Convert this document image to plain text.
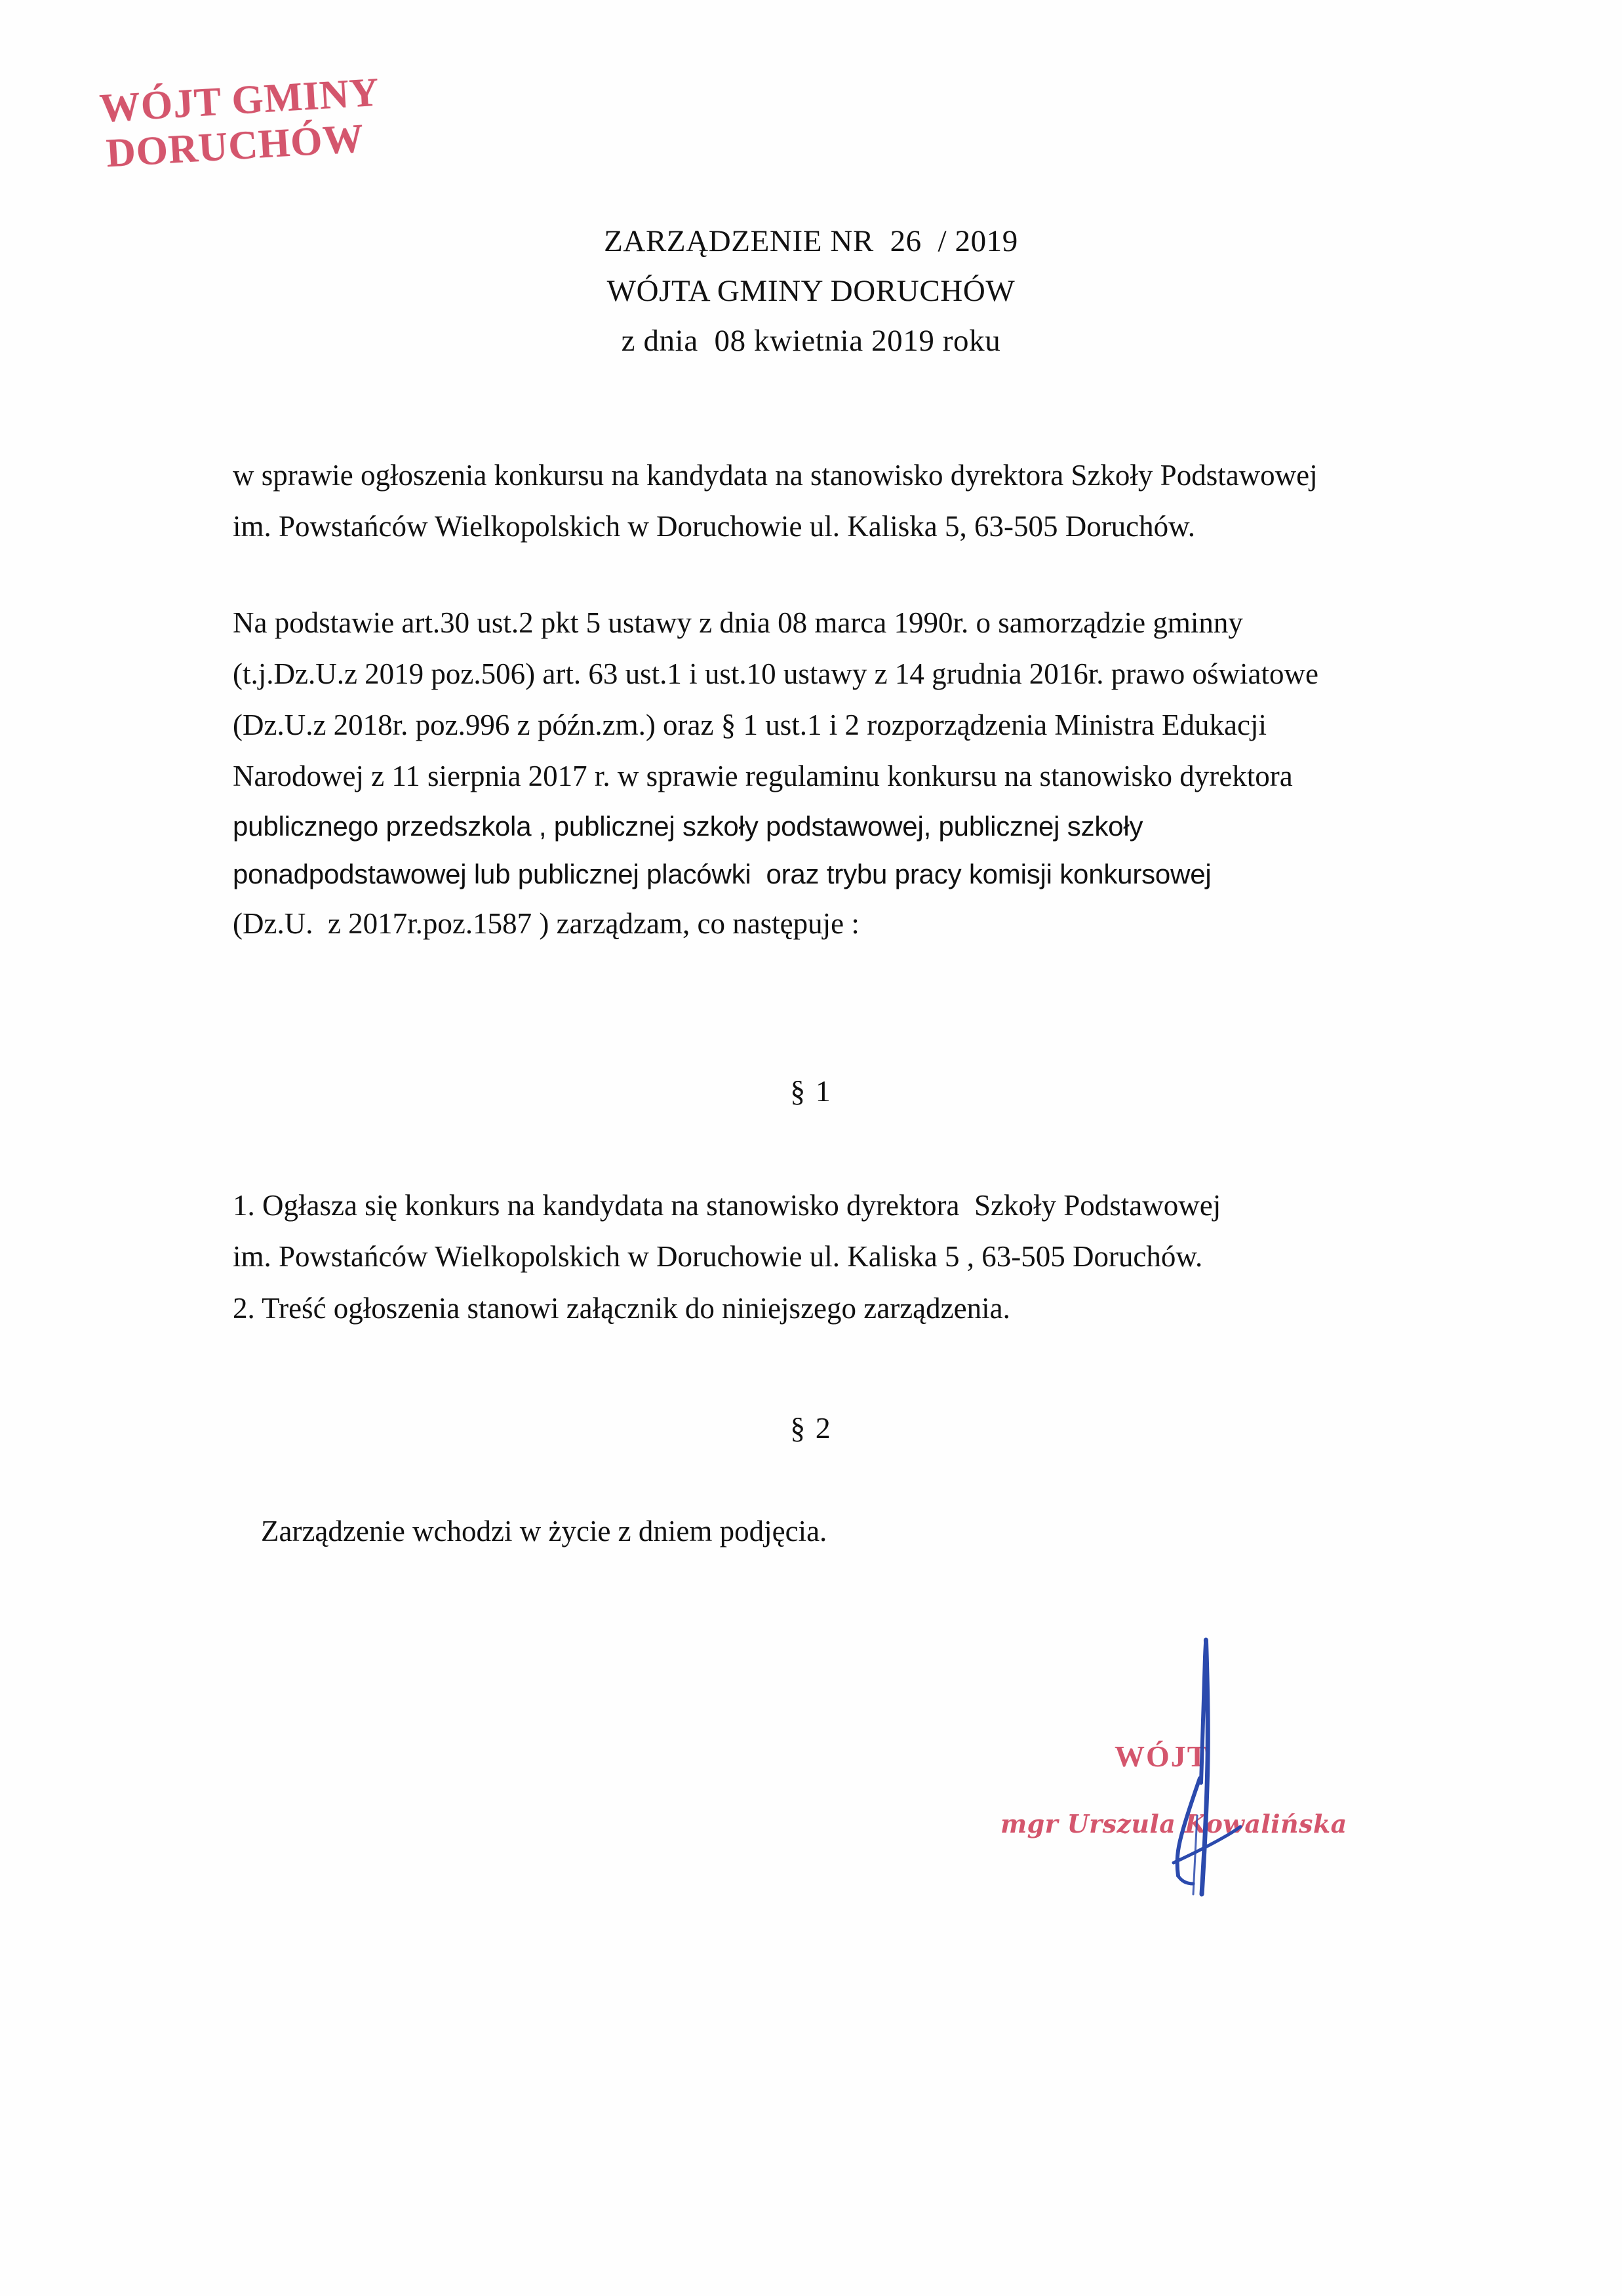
WÓJT GMINY
DORUCHÓW
ZARZĄDZENIE NR  26  / 2019
WÓJTA GMINY DORUCHÓW
z dnia  08 kwietnia 2019 roku

w sprawie ogłoszenia konkursu na kandydata na stanowisko dyrektora Szkoły Podstawowej
im. Powstańców Wielkopolskich w Doruchowie ul. Kaliska 5, 63-505 Doruchów.

Na podstawie art.30 ust.2 pkt 5 ustawy z dnia 08 marca 1990r. o samorządzie gminny
(t.j.Dz.U.z 2019 poz.506) art. 63 ust.1 i ust.10 ustawy z 14 grudnia 2016r. prawo oświatowe
(Dz.U.z 2018r. poz.996 z późn.zm.) oraz § 1 ust.1 i 2 rozporządzenia Ministra Edukacji
Narodowej z 11 sierpnia 2017 r. w sprawie regulaminu konkursu na stanowisko dyrektora
publicznego przedszkola , publicznej szkoły podstawowej, publicznej szkoły
ponadpodstawowej lub publicznej placówki  oraz trybu pracy komisji konkursowej
(Dz.U.  z 2017r.poz.1587 ) zarządzam, co następuje :

§ 1
1. Ogłasza się konkurs na kandydata na stanowisko dyrektora  Szkoły Podstawowej
im. Powstańców Wielkopolskich w Doruchowie ul. Kaliska 5 , 63-505 Doruchów.
2. Treść ogłoszenia stanowi załącznik do niniejszego zarządzenia.
§ 2
Zarządzenie wchodzi w życie z dniem podjęcia.
WÓJT
mgr Urszula Kowalińska
